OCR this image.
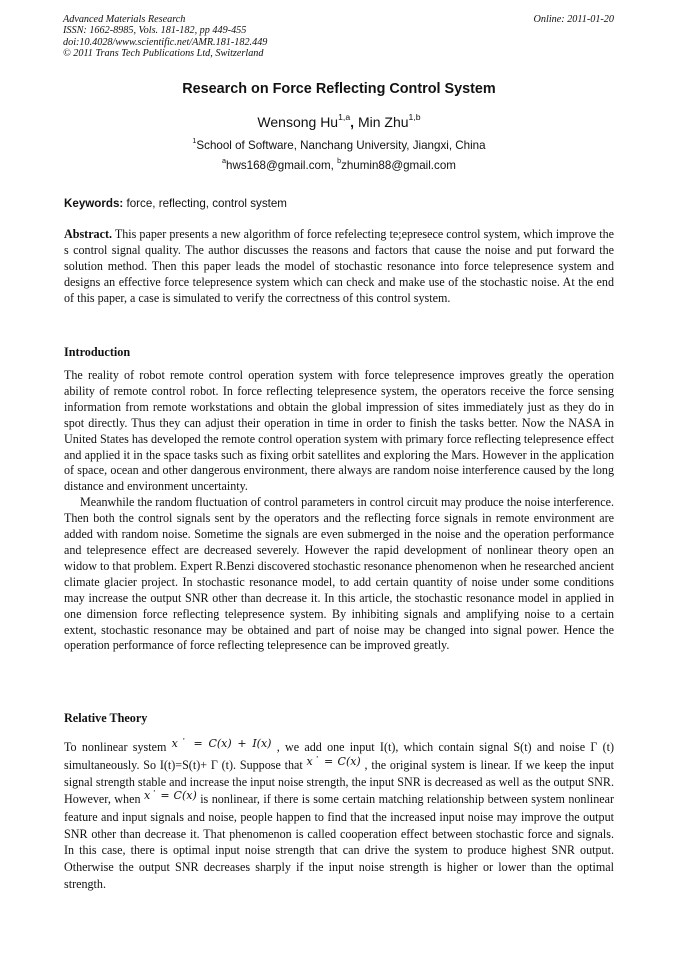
Advanced Materials Research
ISSN: 1662-8985, Vols. 181-182, pp 449-455
doi:10.4028/www.scientific.net/AMR.181-182.449
© 2011 Trans Tech Publications Ltd, Switzerland
Online: 2011-01-20
Research on Force Reflecting Control System
Wensong Hu$^{1,a}$, Min Zhu$^{1,b}$
$^1$School of Software, Nanchang University, Jiangxi, China
$^a$hws168@gmail.com, $^b$zhumin88@gmail.com
Keywords: force, reflecting, control system

Abstract. This paper presents a new algorithm of force refelecting te;epresece control system, which improve the s control signal quality. The author discusses the reasons and factors that cause the noise and put forward the solution method. Then this paper leads the model of stochastic resonance into force telepresence system and designs an effective force telepresence system which can check and make use of the stochastic noise. At the end of this paper, a case is simulated to verify the correctness of this control system.

Introduction

The reality of robot remote control operation system with force telepresence improves greatly the operation ability of remote control robot. In force reflecting telepresence system, the operators receive the force sensing information from remote workstations and obtain the global impression of sites immediately just as they do in spot directly. Thus they can adjust their operation in time in order to finish the tasks better. Now the NASA in United States has developed the remote control operation system with primary force reflecting telepresence effect and applied it in the space tasks such as fixing orbit satellites and exploring the Mars. However in the application of space, ocean and other dangerous environment, there always are random noise interference caused by the long distance and environment uncertainty.

Meanwhile the random fluctuation of control parameters in control circuit may produce the noise interference. Then both the control signals sent by the operators and the reflecting force signals in remote environment are added with random noise. Sometime the signals are even submerged in the noise and the operation performance and telepresence effect are decreased severely. However the rapid development of nonlinear theory open an widow to that problem. Expert R.Benzi discovered stochastic resonance phenomenon when he researched ancient climate glacier project. In stochastic resonance model, to add certain quantity of noise under some conditions may increase the output SNR other than decrease it. In this article, the stochastic resonance model in applied in one dimension force reflecting telepresence system. By inhibiting signals and amplifying noise to a certain extent, stochastic resonance may be obtained and part of noise may be changed into signal power. Hence the operation performance of force reflecting telepresence can be improved greatly.

Relative Theory

To nonlinear system x˙ = C(x) + I(x) , we add one input I(t), which contain signal S(t) and noise Γ (t) simultaneously. So I(t)=S(t)+ Γ (t). Suppose that x˙ = C(x) , the original system is linear. If we keep the input signal strength stable and increase the input noise strength, the input SNR is decreased as well as the output SNR. However, when x˙ = C(x) is nonlinear, if there is some certain matching relationship between system nonlinear feature and input signals and noise, people happen to find that the increased input noise may improve the output SNR other than decrease it. That phenomenon is called cooperation effect between stochastic force and signals. In this case, there is optimal input noise strength that can drive the system to produce highest SNR output. Otherwise the output SNR decreases sharply if the input noise strength is higher or lower than the optimal strength.
